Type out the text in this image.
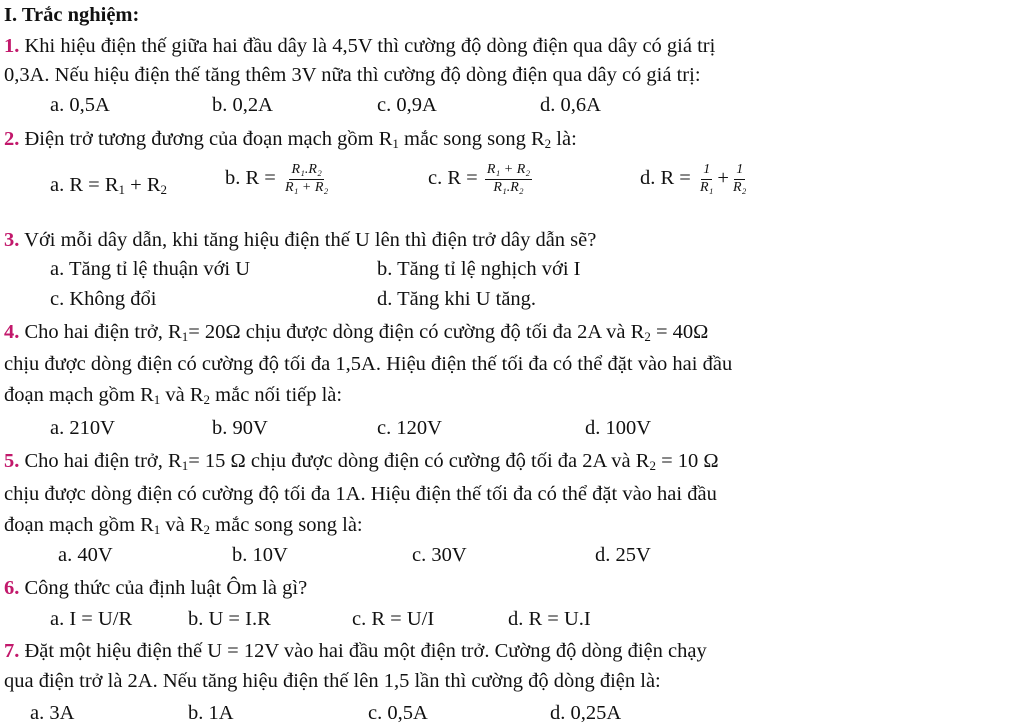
I. Trắc nghiệm:
1. Khi hiệu điện thế giữa hai đầu dây là 4,5V thì cường độ dòng điện qua dây có giá trị
0,3A. Nếu hiệu điện thế tăng thêm 3V nữa thì cường độ dòng điện qua dây có giá trị:
a. 0,5A	b. 0,2A	c. 0,9A	d. 0,6A
2. Điện trở tương đương của đoạn mạch gồm $R_1$ mắc song song $R_2$ là:
a. $R = R_1 + R_2$
b. $R = \frac{\text{R₁.R₂}}{\text{R₁ + R₂}}$	c. $R = \frac{\text{R₁ + R₂}}{\text{R₁.R₂}}$	d. $R = \frac{1}{\text{R₁}} + \frac{1}{\text{R₂}}$
3. Với mỗi dây dẫn, khi tăng hiệu điện thế U lên thì điện trở dây dẫn sẽ?
a. Tăng tỉ lệ thuận với U	b. Tăng tỉ lệ nghịch với I
c. Không đổi	d. Tăng khi U tăng.
4. Cho hai điện trở, $R_1= 20\Omega$ chịu được dòng điện có cường độ tối đa 2A và $R_2 = 40\Omega$
chịu được dòng điện có cường độ tối đa 1,5A. Hiệu điện thế tối đa có thể đặt vào hai đầu
đoạn mạch gồm $R_1$ và $R_2$ mắc nối tiếp là:
a. 210V	b. 90V	c. 120V	d. 100V
5. Cho hai điện trở, $R_1= 15$ Ω chịu được dòng điện có cường độ tối đa 2A và $R_2 = 10$ Ω
chịu được dòng điện có cường độ tối đa 1A. Hiệu điện thế tối đa có thể đặt vào hai đầu
đoạn mạch gồm $R_1$ và $R_2$ mắc song song là:
a. 40V	b. 10V	c. 30V	d. 25V
6. Công thức của định luật Ôm là gì?
a. I = U/R	b. U = I.R	c. R = U/I	d. R = U.I
7. Đặt một hiệu điện thế U = 12V vào hai đầu một điện trở. Cường độ dòng điện chạy
qua điện trở là 2A. Nếu tăng hiệu điện thế lên 1,5 lần thì cường độ dòng điện là:
a. 3A	b. 1A	c. 0,5A	d. 0,25A
